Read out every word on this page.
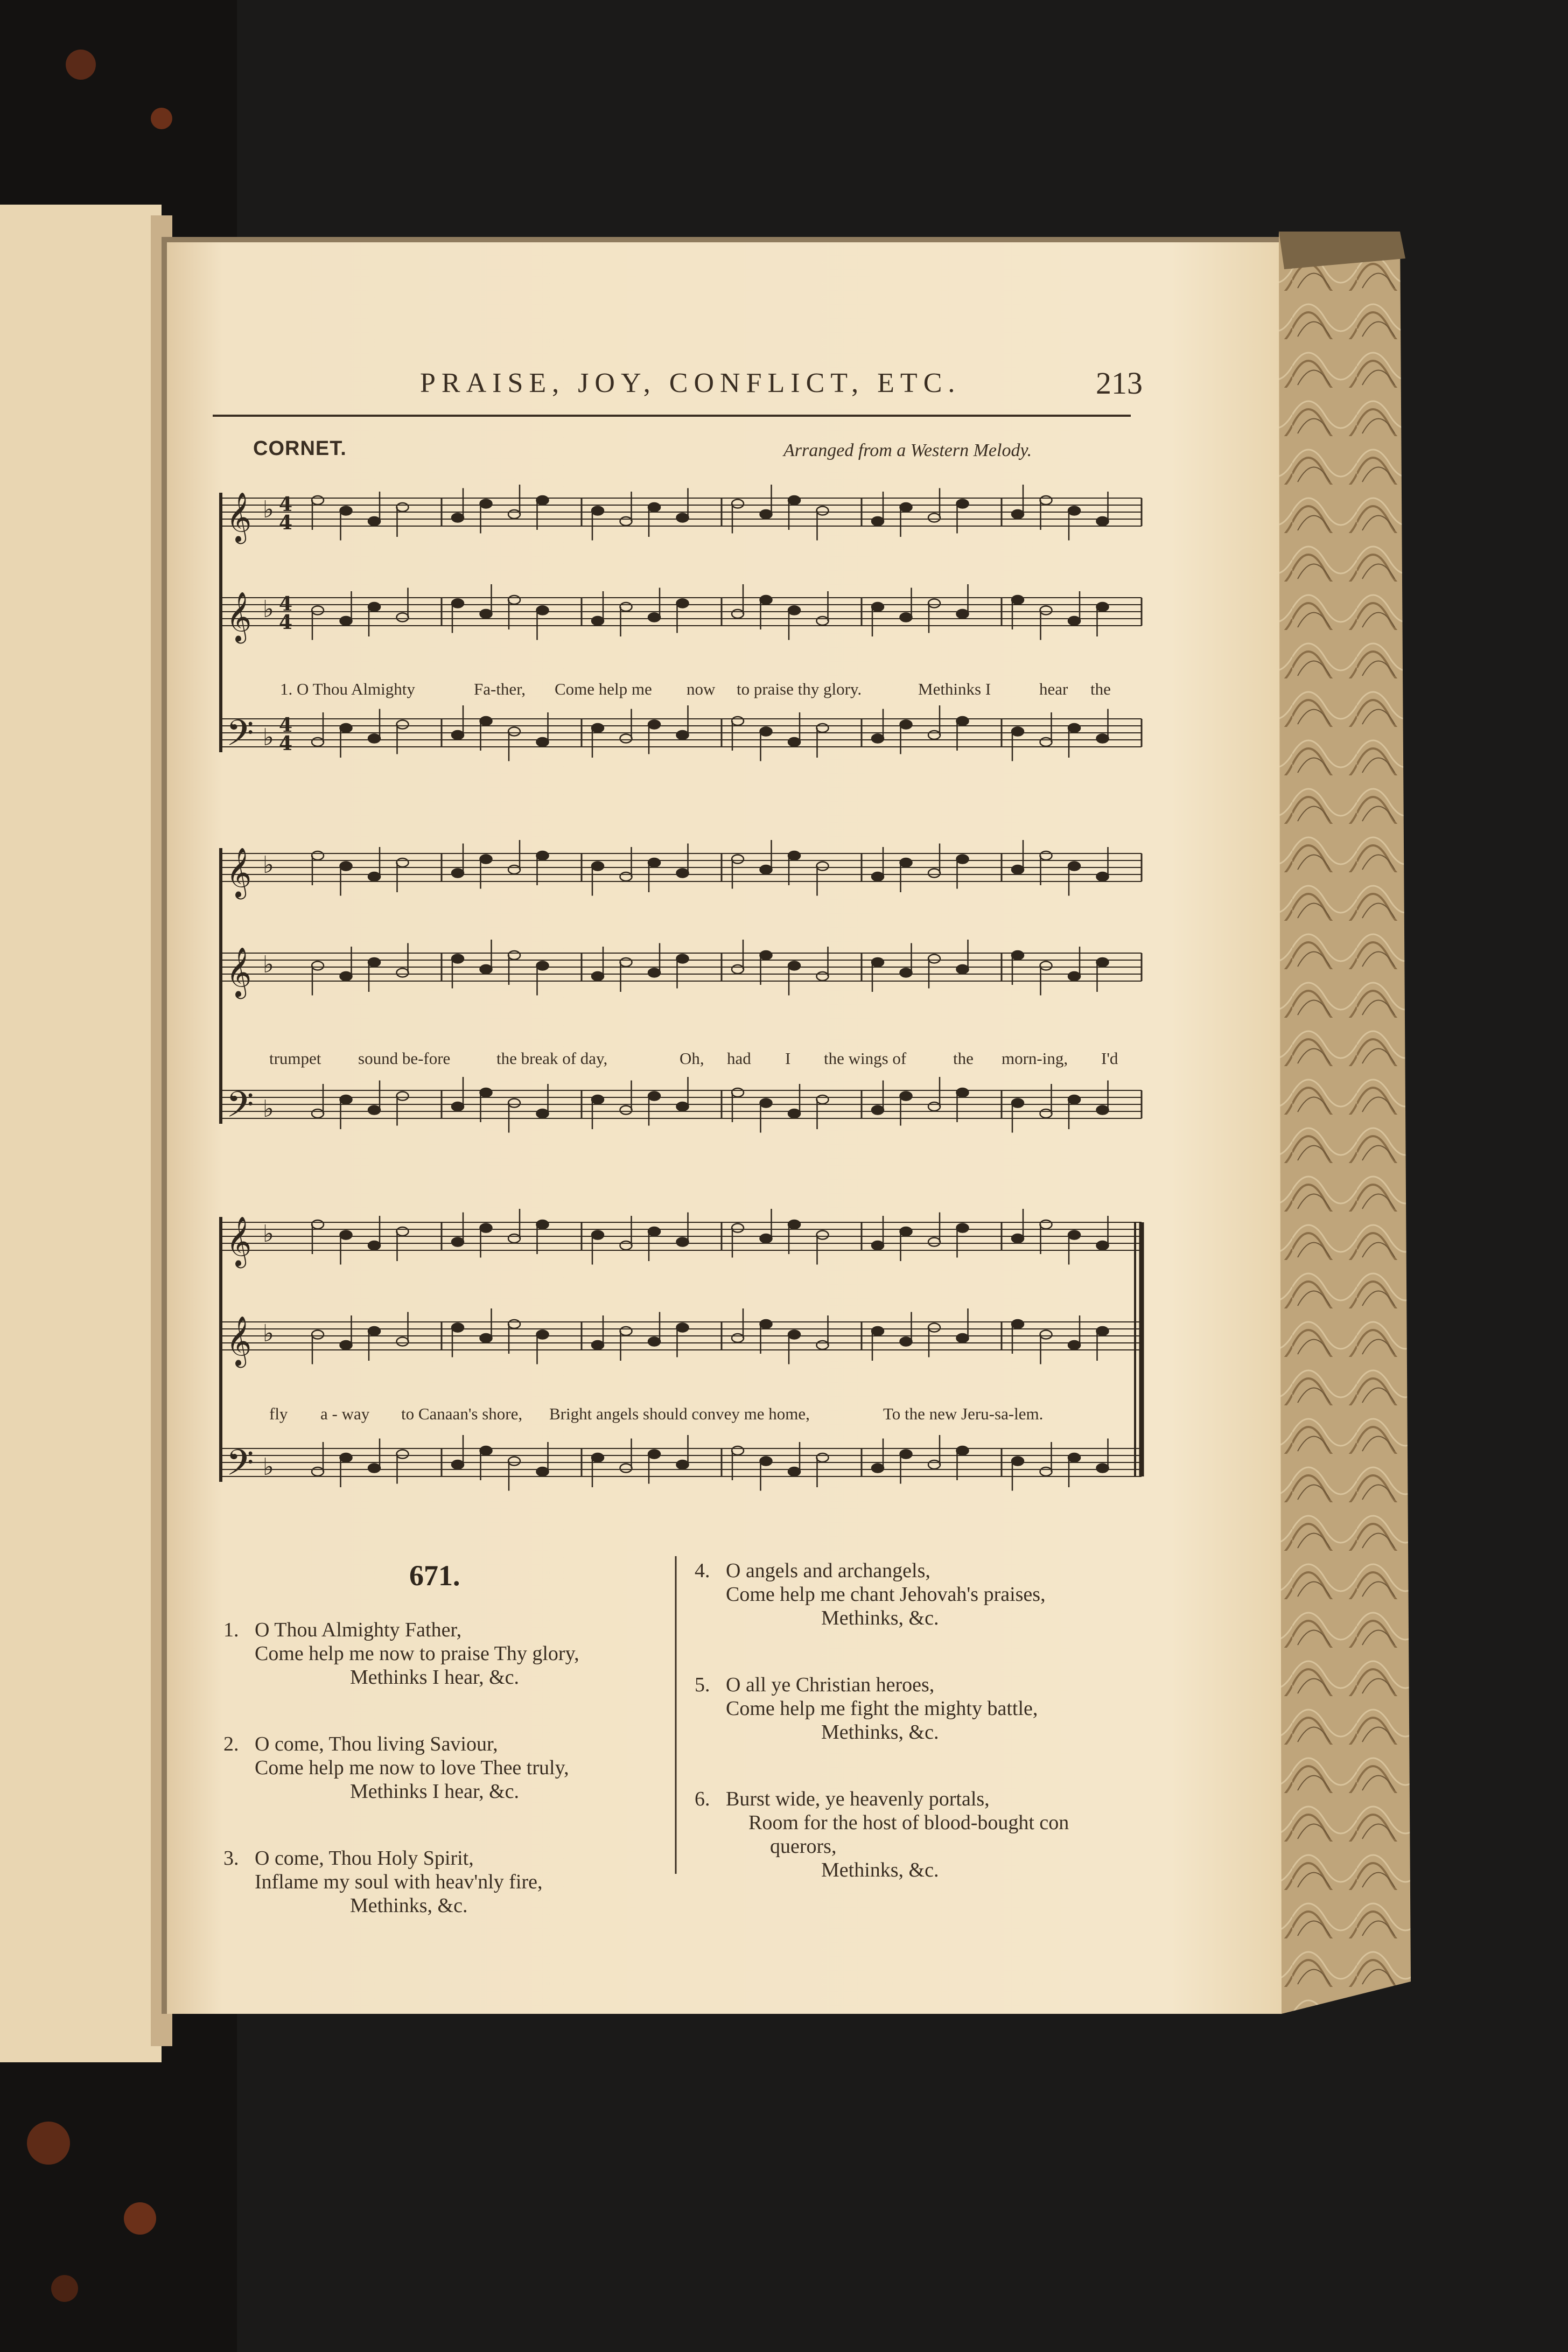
PRAISE, JOY, CONFLICT, ETC.	213
CORNET.	Arranged from a Western Melody.
𝄞 ♭ 4
4
𝄞 ♭ 4
4
𝄢 ♭ 4
4
𝄞 ♭
𝄞 ♭
𝄢 ♭
𝄞 ♭
𝄞 ♭
𝄢 ♭
1. O Thou Almighty	Fa-ther, Come help me now to praise thy glory.	Methinks I	hear the
trumpet sound be-fore	the break of day,	Oh, had I the wings of	the morn-ing, I'd
fly a - way to Canaan's shore, Bright angels should convey me home,	To the new Jeru-sa-lem.
671.
1. O Thou Almighty Father,
Come help me now to praise Thy glory,
Methinks I hear, &c.
2. O come, Thou living Saviour,
Come help me now to love Thee truly,
Methinks I hear, &c.
3. O come, Thou Holy Spirit,
Inflame my soul with heav'nly fire,
Methinks, &c.
4. O angels and archangels,
Come help me chant Jehovah's praises,
Methinks, &c.
5. O all ye Christian heroes,
Come help me fight the mighty battle,
Methinks, &c.
6. Burst wide, ye heavenly portals,
Room for the host of blood-bought con
querors,
Methinks, &c.
